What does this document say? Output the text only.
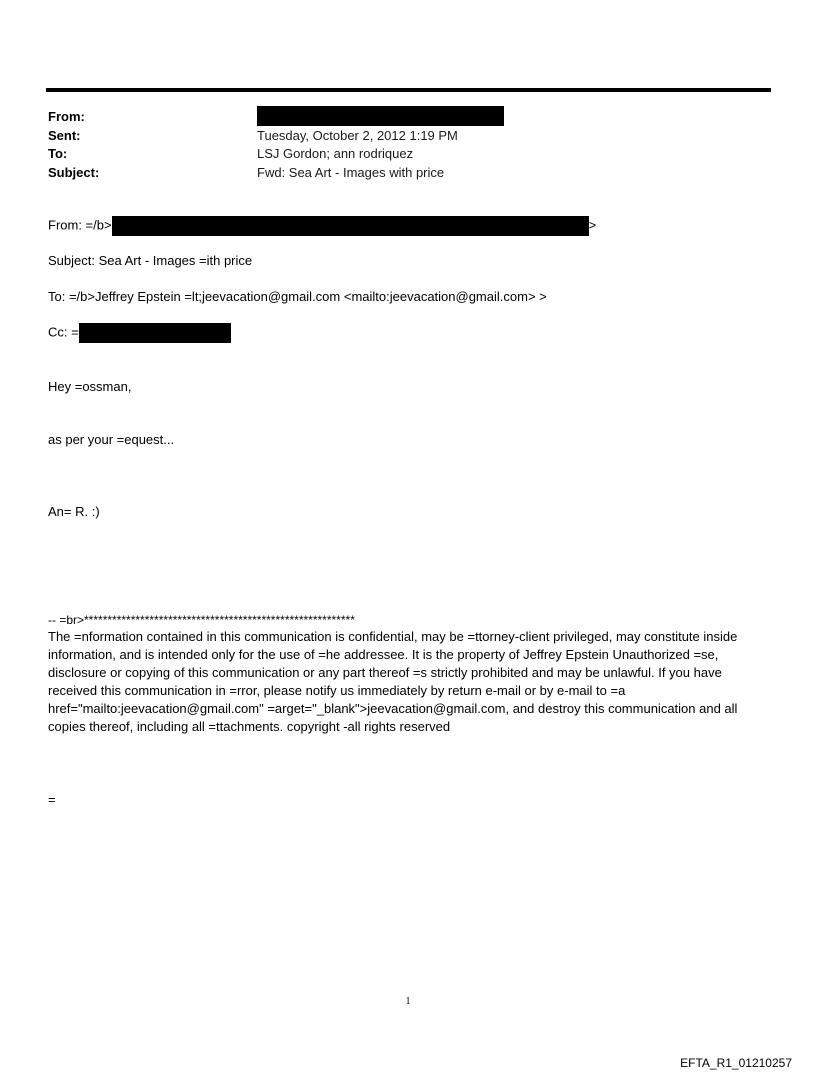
From:
Sent:	Tuesday, October 2, 2012 1:19 PM
To:	LSJ Gordon; ann rodriquez
Subject:	Fwd: Sea Art - Images with price
From: =/b>	>
Subject: Sea Art - Images =ith price
To: =/b>Jeffrey Epstein =lt;jeevacation@gmail.com <mailto:jeevacation@gmail.com> >
Cc: =
Hey =ossman,
as per your =equest...
An= R. :)
-- =br>**********************************************************
The =nformation contained in this communication is confidential, may be =ttorney-client privileged, may constitute inside information, and is intended only for the use of =he addressee. It is the property of Jeffrey Epstein Unauthorized =se, disclosure or copying of this communication or any part thereof =s strictly prohibited and may be unlawful. If you have received this communication in =rror, please notify us immediately by return e-mail or by e-mail to =a href="mailto:jeevacation@gmail.com" =arget="_blank">jeevacation@gmail.com, and destroy this communication and all copies thereof, including all =ttachments. copyright -all rights reserved
=
1
EFTA_R1_01210257
